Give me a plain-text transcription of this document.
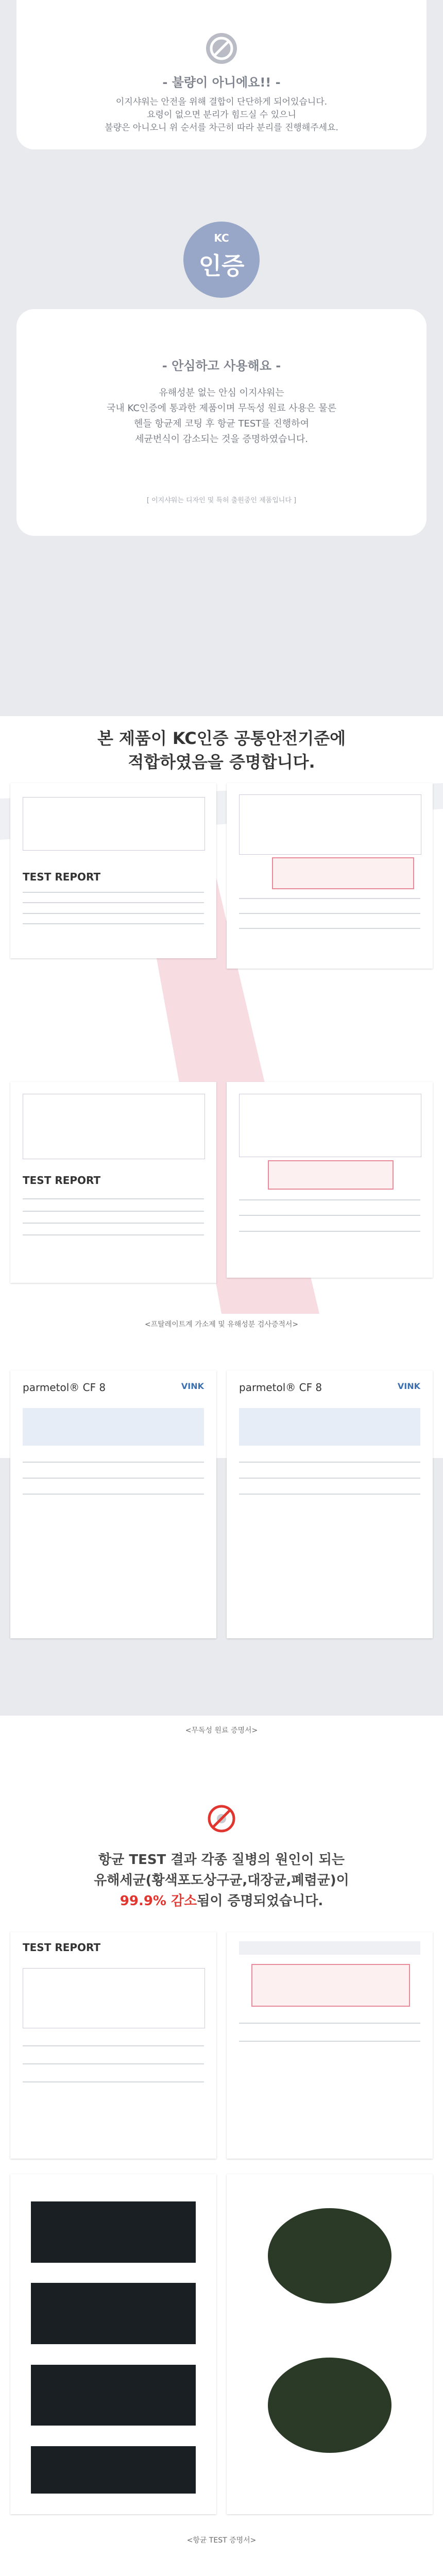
- 불량이 아니에요!! -
이지샤워는 안전을 위해 결합이 단단하게 되어있습니다.
요령이 없으면 분리가 힘드실 수 있으니
불량은 아니오니 위 순서를 차근히 따라 분리를 진행해주세요.
KC
인증
- 안심하고 사용해요 -
유해성분 없는 안심 이지샤워는
국내 KC인증에 통과한 제품이며 무독성 원료 사용은 물론
헨들 항균제 코팅 후 항균 TEST를 진행하여
세균번식이 감소되는 것을 증명하였습니다.
[ 이지샤워는 디자인 및 특허 출원중인 제품입니다 ]
본 제품이 KC인증 공통안전기준에
적합하였음을 증명합니다.
TEST REPORT
TEST REPORT
<프탈레이트계 가소제 및 유해성분 검사증적서>
parmetol® CF 8	VINK	parmetol® CF 8	VINK
<무독성 원료 증명서>
항균 TEST 결과 각종 질병의 원인이 되는
유해세균(황색포도상구균,대장균,폐렴균)이
99.9% 감소됨이 증명되었습니다.
TEST REPORT
<항균 TEST 증명서>
